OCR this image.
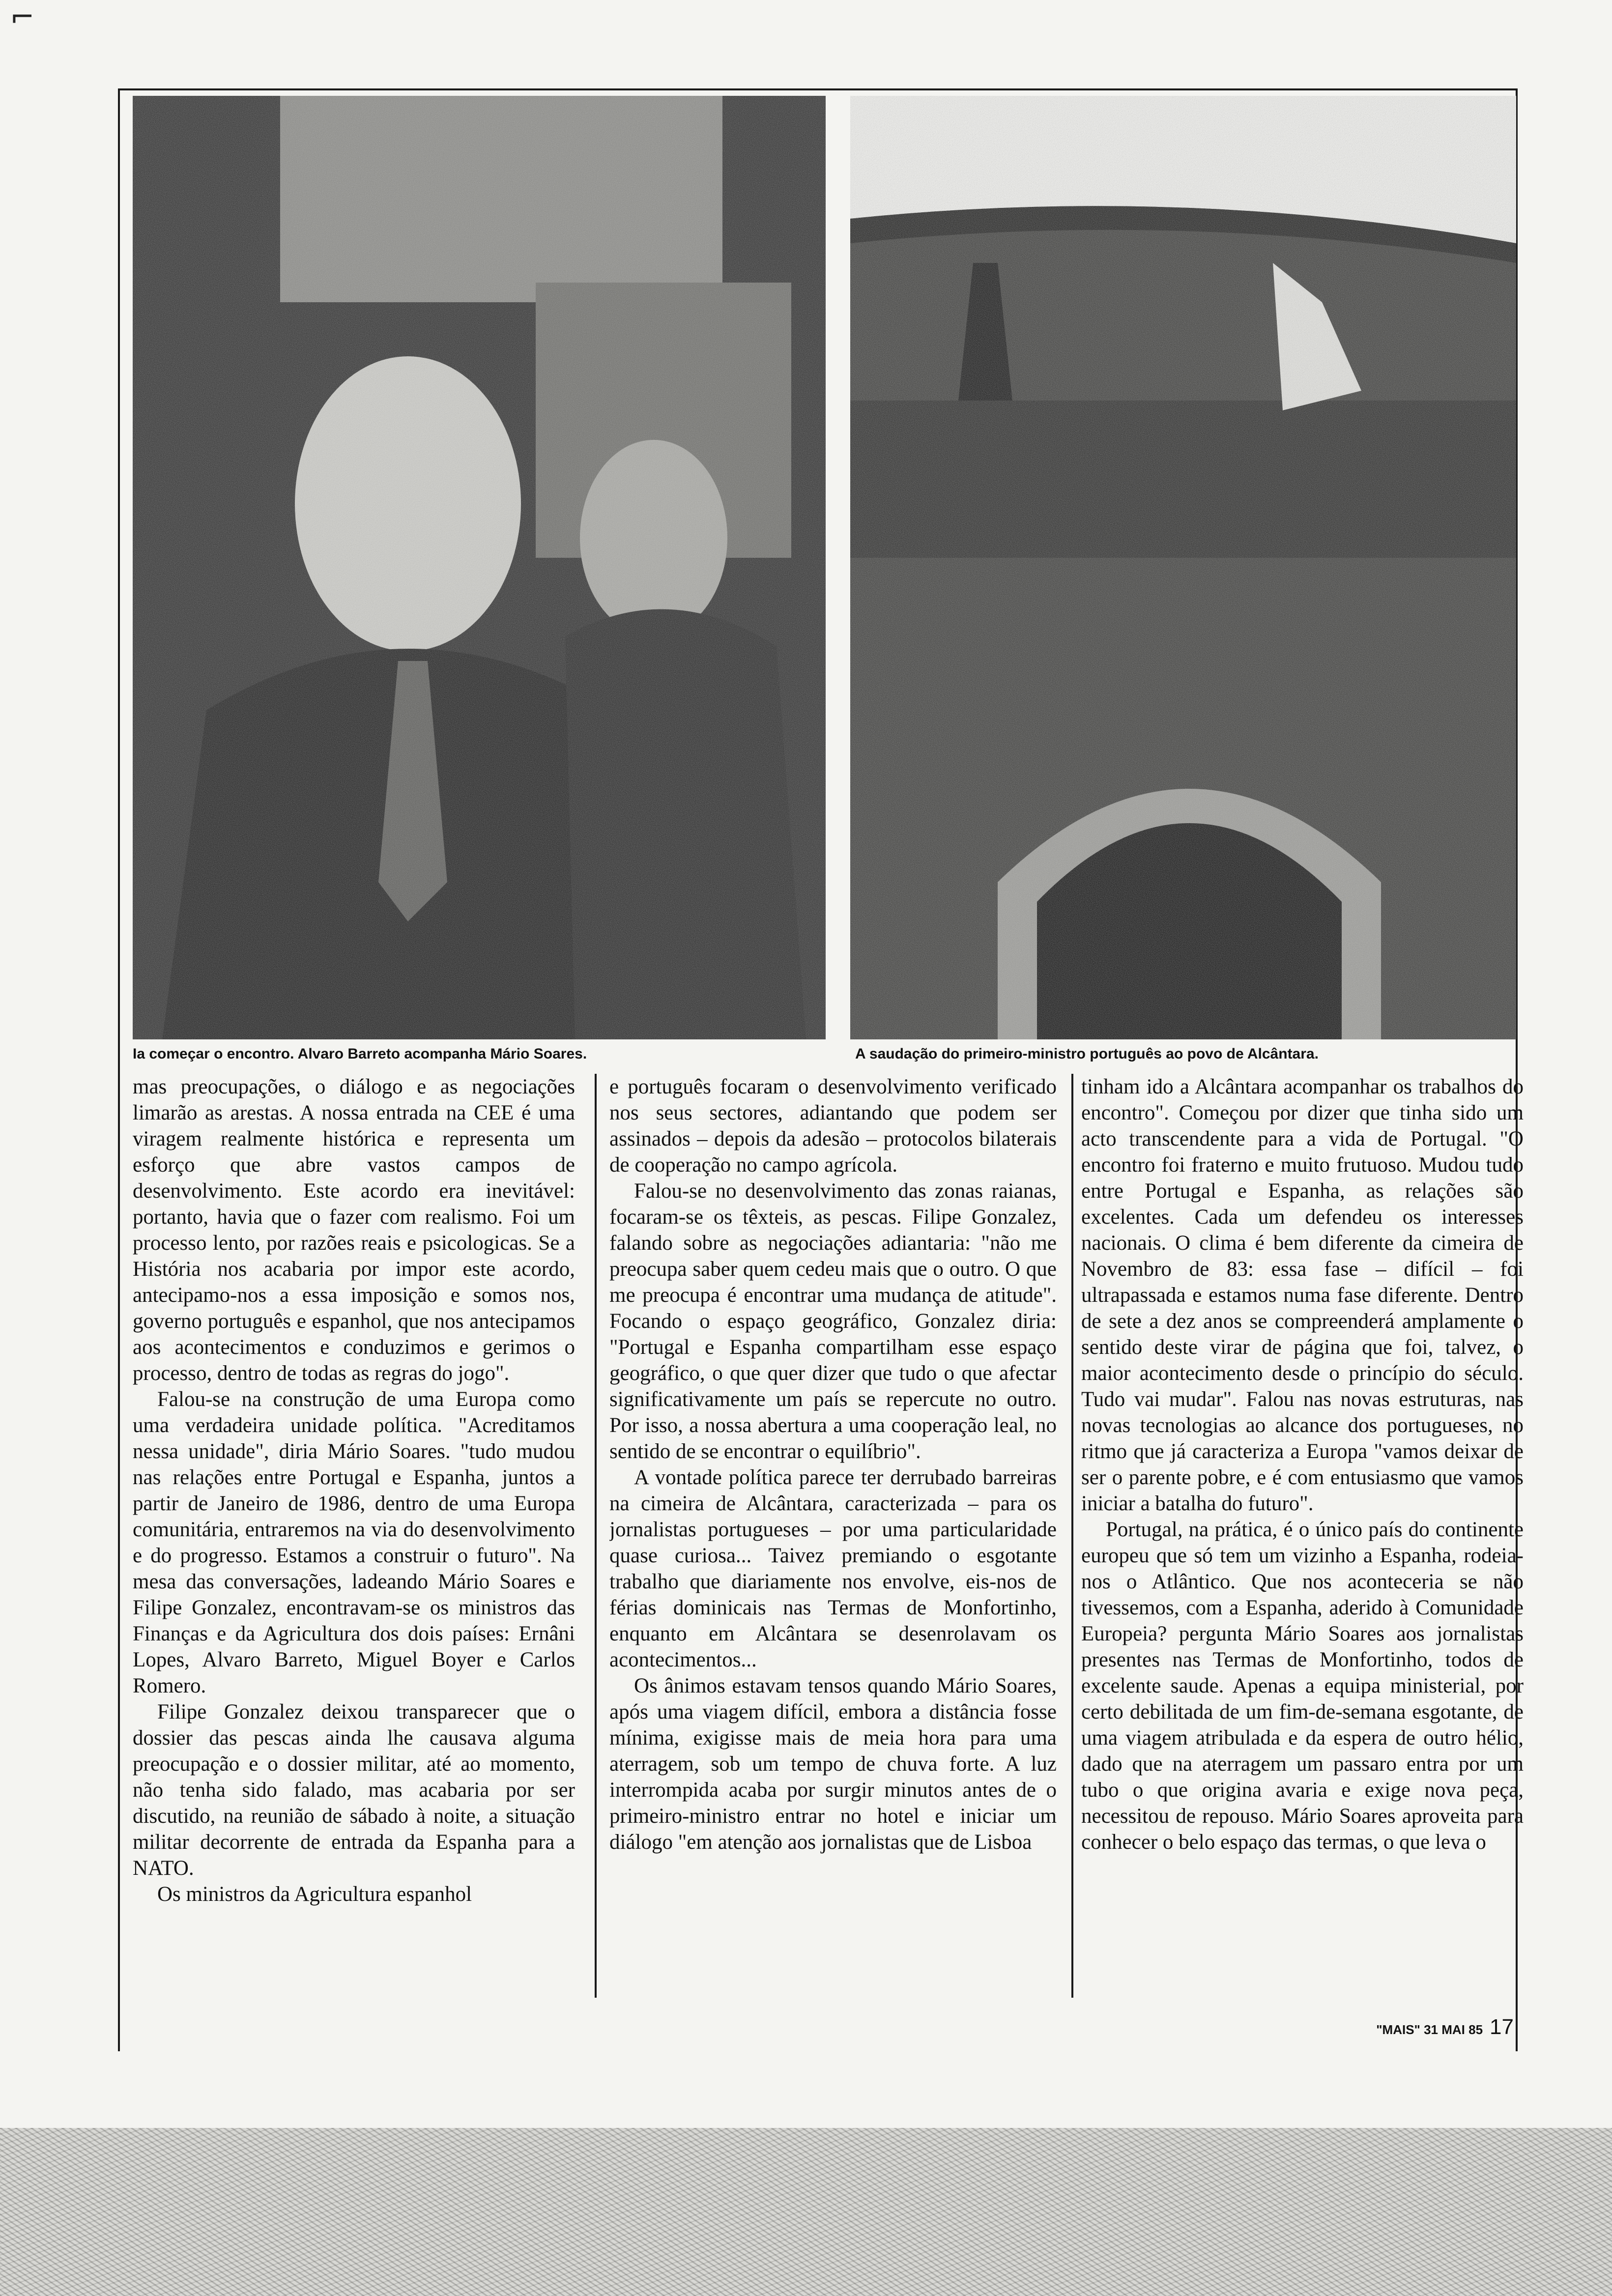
⌐
Ia começar o encontro. Alvaro Barreto acompanha Mário Soares.	A saudação do primeiro-ministro português ao povo de Alcântara.

mas preocupações, o diálogo e as negociações limarão as arestas. A nossa entrada na CEE é uma viragem realmente histórica e representa um esforço que abre vastos campos de desenvolvimento. Este acordo era inevitável: portanto, havia que o fazer com realismo. Foi um processo lento, por razões reais e psicologicas. Se a História nos acabaria por impor este acordo, antecipamo-nos a essa imposição e somos nos, governo português e espanhol, que nos antecipamos aos acontecimentos e conduzimos e gerimos o processo, dentro de todas as regras do jogo".

Falou-se na construção de uma Europa como uma verdadeira unidade política. "Acreditamos nessa unidade", diria Mário Soares. "tudo mudou nas relações entre Portugal e Espanha, juntos a partir de Janeiro de 1986, dentro de uma Europa comunitária, entraremos na via do desenvolvimento e do progresso. Estamos a construir o futuro". Na mesa das conversações, ladeando Mário Soares e Filipe Gonzalez, encontravam-se os ministros das Finanças e da Agricultura dos dois países: Ernâni Lopes, Alvaro Barreto, Miguel Boyer e Carlos Romero.

Filipe Gonzalez deixou transparecer que o dossier das pescas ainda lhe causava alguma preocupação e o dossier militar, até ao momento, não tenha sido falado, mas acabaria por ser discutido, na reunião de sábado à noite, a situação militar decorrente de entrada da Espanha para a NATO.

Os ministros da Agricultura espanhol

e português focaram o desenvolvimento verificado nos seus sectores, adiantando que podem ser assinados – depois da adesão – protocolos bilaterais de cooperação no campo agrícola.

Falou-se no desenvolvimento das zonas raianas, focaram-se os têxteis, as pescas. Filipe Gonzalez, falando sobre as negociações adiantaria: "não me preocupa saber quem cedeu mais que o outro. O que me preocupa é encontrar uma mudança de atitude". Focando o espaço geográfico, Gonzalez diria: "Portugal e Espanha compartilham esse espaço geográfico, o que quer dizer que tudo o que afectar significativamente um país se repercute no outro. Por isso, a nossa abertura a uma cooperação leal, no sentido de se encontrar o equilíbrio".

A vontade política parece ter derrubado barreiras na cimeira de Alcântara, caracterizada – para os jornalistas portugueses – por uma particularidade quase curiosa... Taivez premiando o esgotante trabalho que diariamente nos envolve, eis-nos de férias dominicais nas Termas de Monfortinho, enquanto em Alcântara se desenrolavam os acontecimentos...

Os ânimos estavam tensos quando Mário Soares, após uma viagem difícil, embora a distância fosse mínima, exigisse mais de meia hora para uma aterragem, sob um tempo de chuva forte. A luz interrompida acaba por surgir minutos antes de o primeiro-ministro entrar no hotel e iniciar um diálogo "em atenção aos jornalistas que de Lisboa

tinham ido a Alcântara acompanhar os trabalhos do encontro". Começou por dizer que tinha sido um acto transcendente para a vida de Portugal. "O encontro foi fraterno e muito frutuoso. Mudou tudo entre Portugal e Espanha, as relações são excelentes. Cada um defendeu os interesses nacionais. O clima é bem diferente da cimeira de Novembro de 83: essa fase – difícil – foi ultrapassada e estamos numa fase diferente. Dentro de sete a dez anos se compreenderá amplamente o sentido deste virar de página que foi, talvez, o maior acontecimento desde o princípio do século. Tudo vai mudar". Falou nas novas estruturas, nas novas tecnologias ao alcance dos portugueses, no ritmo que já caracteriza a Europa "vamos deixar de ser o parente pobre, e é com entusiasmo que vamos iniciar a batalha do futuro".

Portugal, na prática, é o único país do continente europeu que só tem um vizinho a Espanha, rodeia-nos o Atlântico. Que nos aconteceria se não tivessemos, com a Espanha, aderido à Comunidade Europeia? pergunta Mário Soares aos jornalistas presentes nas Termas de Monfortinho, todos de excelente saude. Apenas a equipa ministerial, por certo debilitada de um fim-de-semana esgotante, de uma viagem atribulada e da espera de outro hélio, dado que na aterragem um passaro entra por um tubo o que origina avaria e exige nova peça, necessitou de repouso. Mário Soares aproveita para conhecer o belo espaço das termas, o que leva o

"MAIS" 31 MAI 85 17
